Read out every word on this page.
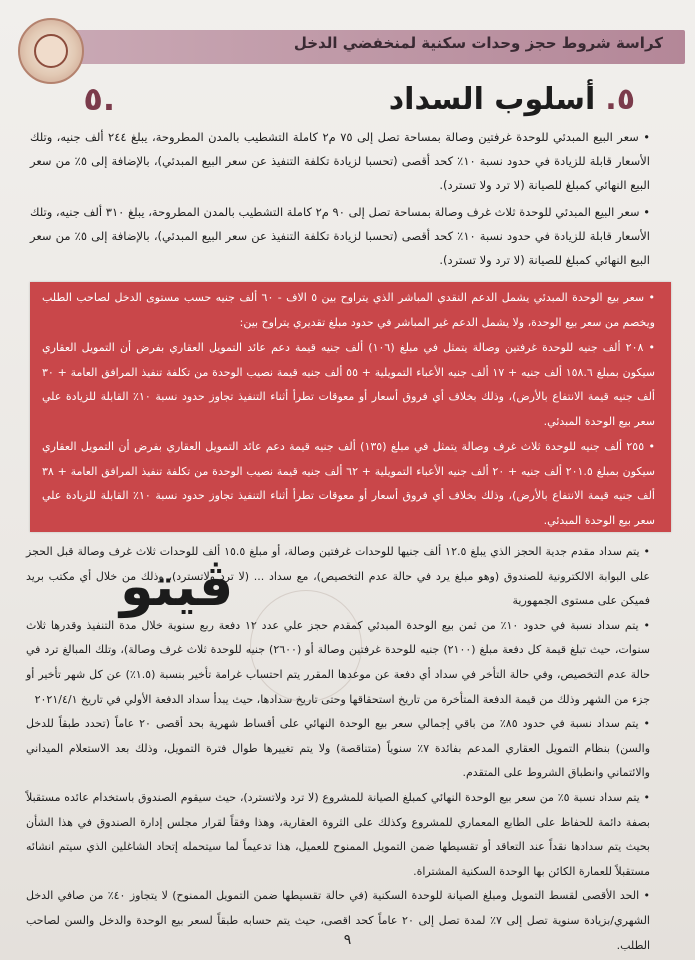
كراسة شروط حجز وحدات سكنية لمنخفضي الدخل
٥.	٥.أسلوب السداد
• سعر البيع المبدئي للوحدة غرفتين وصالة بمساحة تصل إلى ٧٥ م٢ كاملة التشطيب بالمدن المطروحة، يبلغ ٢٤٤ ألف جنيه، وتلك الأسعار قابلة للزيادة في حدود نسبة ١٠٪ كحد أقصى (تحسبا لزيادة تكلفة التنفيذ عن سعر البيع المبدئي)، بالإضافة إلى ٥٪ من سعر البيع النهائي كمبلغ للصيانة (لا ترد ولا تسترد).
• سعر البيع المبدئي للوحدة ثلاث غرف وصالة بمساحة تصل إلى ٩٠ م٢ كاملة التشطيب بالمدن المطروحة، يبلغ ٣١٠ ألف جنيه، وتلك الأسعار قابلة للزيادة في حدود نسبة ١٠٪ كحد أقصى (تحسبا لزيادة تكلفة التنفيذ عن سعر البيع المبدئي)، بالإضافة إلى ٥٪ من سعر البيع النهائي كمبلغ للصيانة (لا ترد ولا تسترد).

• سعر بيع الوحدة المبدئي يشمل الدعم النقدي المباشر الذي يتراوح بين ٥ الاف - ٦٠ ألف جنيه حسب مستوى الدخل لصاحب الطلب ويخصم من سعر بيع الوحدة، ولا يشمل الدعم غير المباشر في حدود مبلغ تقديري يتراوح بين:

• ٢٠٨ ألف جنيه للوحدة غرفتين وصالة يتمثل في مبلغ (١٠٦) ألف جنيه قيمة دعم عائد التمويل العقاري بفرض أن التمويل العقاري سيكون بمبلغ ١٥٨.٦ ألف جنيه + ١٧ ألف جنيه الأعباء التمويلية + ٥٥ ألف جنيه قيمة نصيب الوحدة من تكلفة تنفيذ المرافق العامة + ٣٠ ألف جنيه قيمة الانتفاع بالأرض)، وذلك بخلاف أي فروق أسعار أو معوقات تطرأ أثناء التنفيذ تجاوز حدود نسبة ١٠٪ القابلة للزيادة علي سعر بيع الوحدة المبدئي.

• ٢٥٥ ألف جنيه للوحدة ثلاث غرف وصالة يتمثل في مبلغ (١٣٥) ألف جنيه قيمة دعم عائد التمويل العقاري بفرض أن التمويل العقاري سيكون بمبلغ ٢٠١.٥ ألف جنيه + ٢٠ ألف جنيه الأعباء التمويلية + ٦٢ ألف جنيه قيمة نصيب الوحدة من تكلفة تنفيذ المرافق العامة + ٣٨ ألف جنيه قيمة الانتفاع بالأرض)، وذلك بخلاف أي فروق أسعار أو معوقات تطرأ أثناء التنفيذ تجاوز حدود نسبة ١٠٪ القابلة للزيادة علي سعر بيع الوحدة المبدئي.

• يتم سداد مقدم جدية الحجز الذي يبلغ ١٢.٥ ألف جنيها للوحدات غرفتين وصالة، أو مبلغ ١٥.٥ ألف للوحدات ثلاث غرف وصالة قبل الحجز على البوابة الالكترونية للصندوق (وهو مبلغ يرد في حالة عدم التخصيص)، مع سداد ... (لا ترد ولاتسترد)، وذلك من خلال أي مكتب بريد فميكن على مستوى الجمهورية

• يتم سداد نسبة في حدود ١٠٪ من ثمن بيع الوحدة المبدئي كمقدم حجز علي عدد ١٢ دفعة ربع سنوية خلال مدة التنفيذ وقدرها ثلاث سنوات، حيث تبلغ قيمة كل دفعة مبلغ (٢١٠٠) جنيه للوحدة غرفتين وصالة أو (٢٦٠٠) جنيه للوحدة ثلاث غرف وصالة)، وتلك المبالغ ترد في حالة عدم التخصيص، وفي حالة التأخر في سداد أي دفعة عن موعدها المقرر يتم احتساب غرامة تأخير بنسبة (١.٥٪) عن كل شهر تأخير أو جزء من الشهر وذلك من قيمة الدفعة المتأخرة من تاريخ استحقاقها وحتى تاريخ سدادها، حيث يبدأ سداد الدفعة الأولي في تاريخ ٢٠٢١/٤/١

• يتم سداد نسبة في حدود ٨٥٪ من باقي إجمالي سعر بيع الوحدة النهائي على أقساط شهرية بحد أقصى ٢٠ عاماً (تحدد طبقاً للدخل والسن) بنظام التمويل العقاري المدعم بفائدة ٧٪ سنوياً (متناقصة) ولا يتم تغييرها طوال فترة التمويل، وذلك بعد الاستعلام الميداني والائتماني وانطباق الشروط على المتقدم.

• يتم سداد نسبة ٥٪ من سعر بيع الوحدة النهائي كمبلغ الصيانة للمشروع (لا ترد ولاتسترد)، حيث سيقوم الصندوق باستخدام عائده مستقبلاً بصفة دائمة للحفاظ على الطابع المعماري للمشروع وكذلك على الثروة العقارية، وهذا وفقاً لقرار مجلس إدارة الصندوق في هذا الشأن بحيث يتم سدادها نقداً عند التعاقد أو تقسيطها ضمن التمويل الممنوح للعميل، هذا تدعيماً لما سيتحمله إتحاد الشاغلين الذي سيتم انشائه مستقبلاً للعمارة الكائن بها الوحدة السكنية المشتراة.

• الحد الأقصى لقسط التمويل ومبلغ الصيانة للوحدة السكنية (في حالة تقسيطها ضمن التمويل الممنوح) لا يتجاوز ٤٠٪ من صافي الدخل الشهري/بزيادة سنوية تصل إلى ٧٪ لمدة تصل إلى ٢٠ عاماً كحد اقصى، حيث يتم حسابه طبقاً لسعر بيع الوحدة والدخل والسن لصاحب الطلب.

ڤيتو
٩
